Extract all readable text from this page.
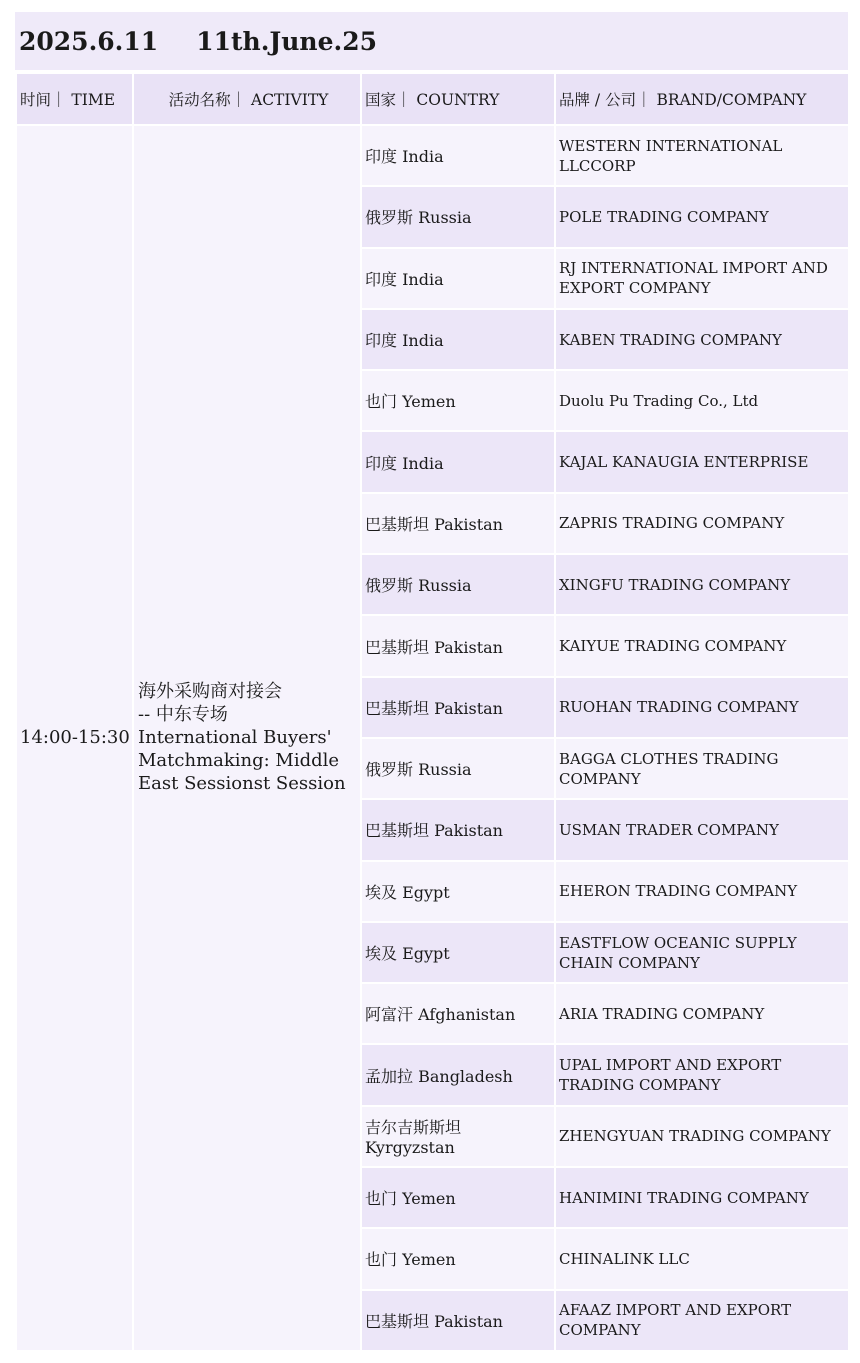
2025.6.11 11th.June.25
时间｜ TIME	活动名称｜ ACTIVITY	国家｜ COUNTRY	品牌 / 公司｜ BRAND/COMPANY
14:00-15:30	海外采购商对接会
-- 中东专场
International Buyers'
Matchmaking: Middle
East Sessionst Session	印度 India	WESTERN INTERNATIONAL LLCCORP
		俄罗斯 Russia	POLE TRADING COMPANY
		印度 India	RJ INTERNATIONAL IMPORT AND EXPORT COMPANY
		印度 India	KABEN TRADING COMPANY
		也门 Yemen	Duolu Pu Trading Co., Ltd
		印度 India	KAJAL KANAUGIA ENTERPRISE
		巴基斯坦 Pakistan	ZAPRIS TRADING COMPANY
		俄罗斯 Russia	XINGFU TRADING COMPANY
		巴基斯坦 Pakistan	KAIYUE TRADING COMPANY
		巴基斯坦 Pakistan	RUOHAN TRADING COMPANY
		俄罗斯 Russia	BAGGA CLOTHES TRADING COMPANY
		巴基斯坦 Pakistan	USMAN TRADER COMPANY
		埃及 Egypt	EHERON TRADING COMPANY
		埃及 Egypt	EASTFLOW OCEANIC SUPPLY CHAIN COMPANY
		阿富汗 Afghanistan	ARIA TRADING COMPANY
		孟加拉 Bangladesh	UPAL IMPORT AND EXPORT TRADING COMPANY
		吉尔吉斯斯坦 Kyrgyzstan	ZHENGYUAN TRADING COMPANY
		也门 Yemen	HANIMINI TRADING COMPANY
		也门 Yemen	CHINALINK LLC
		巴基斯坦 Pakistan	AFAAZ IMPORT AND EXPORT COMPANY
